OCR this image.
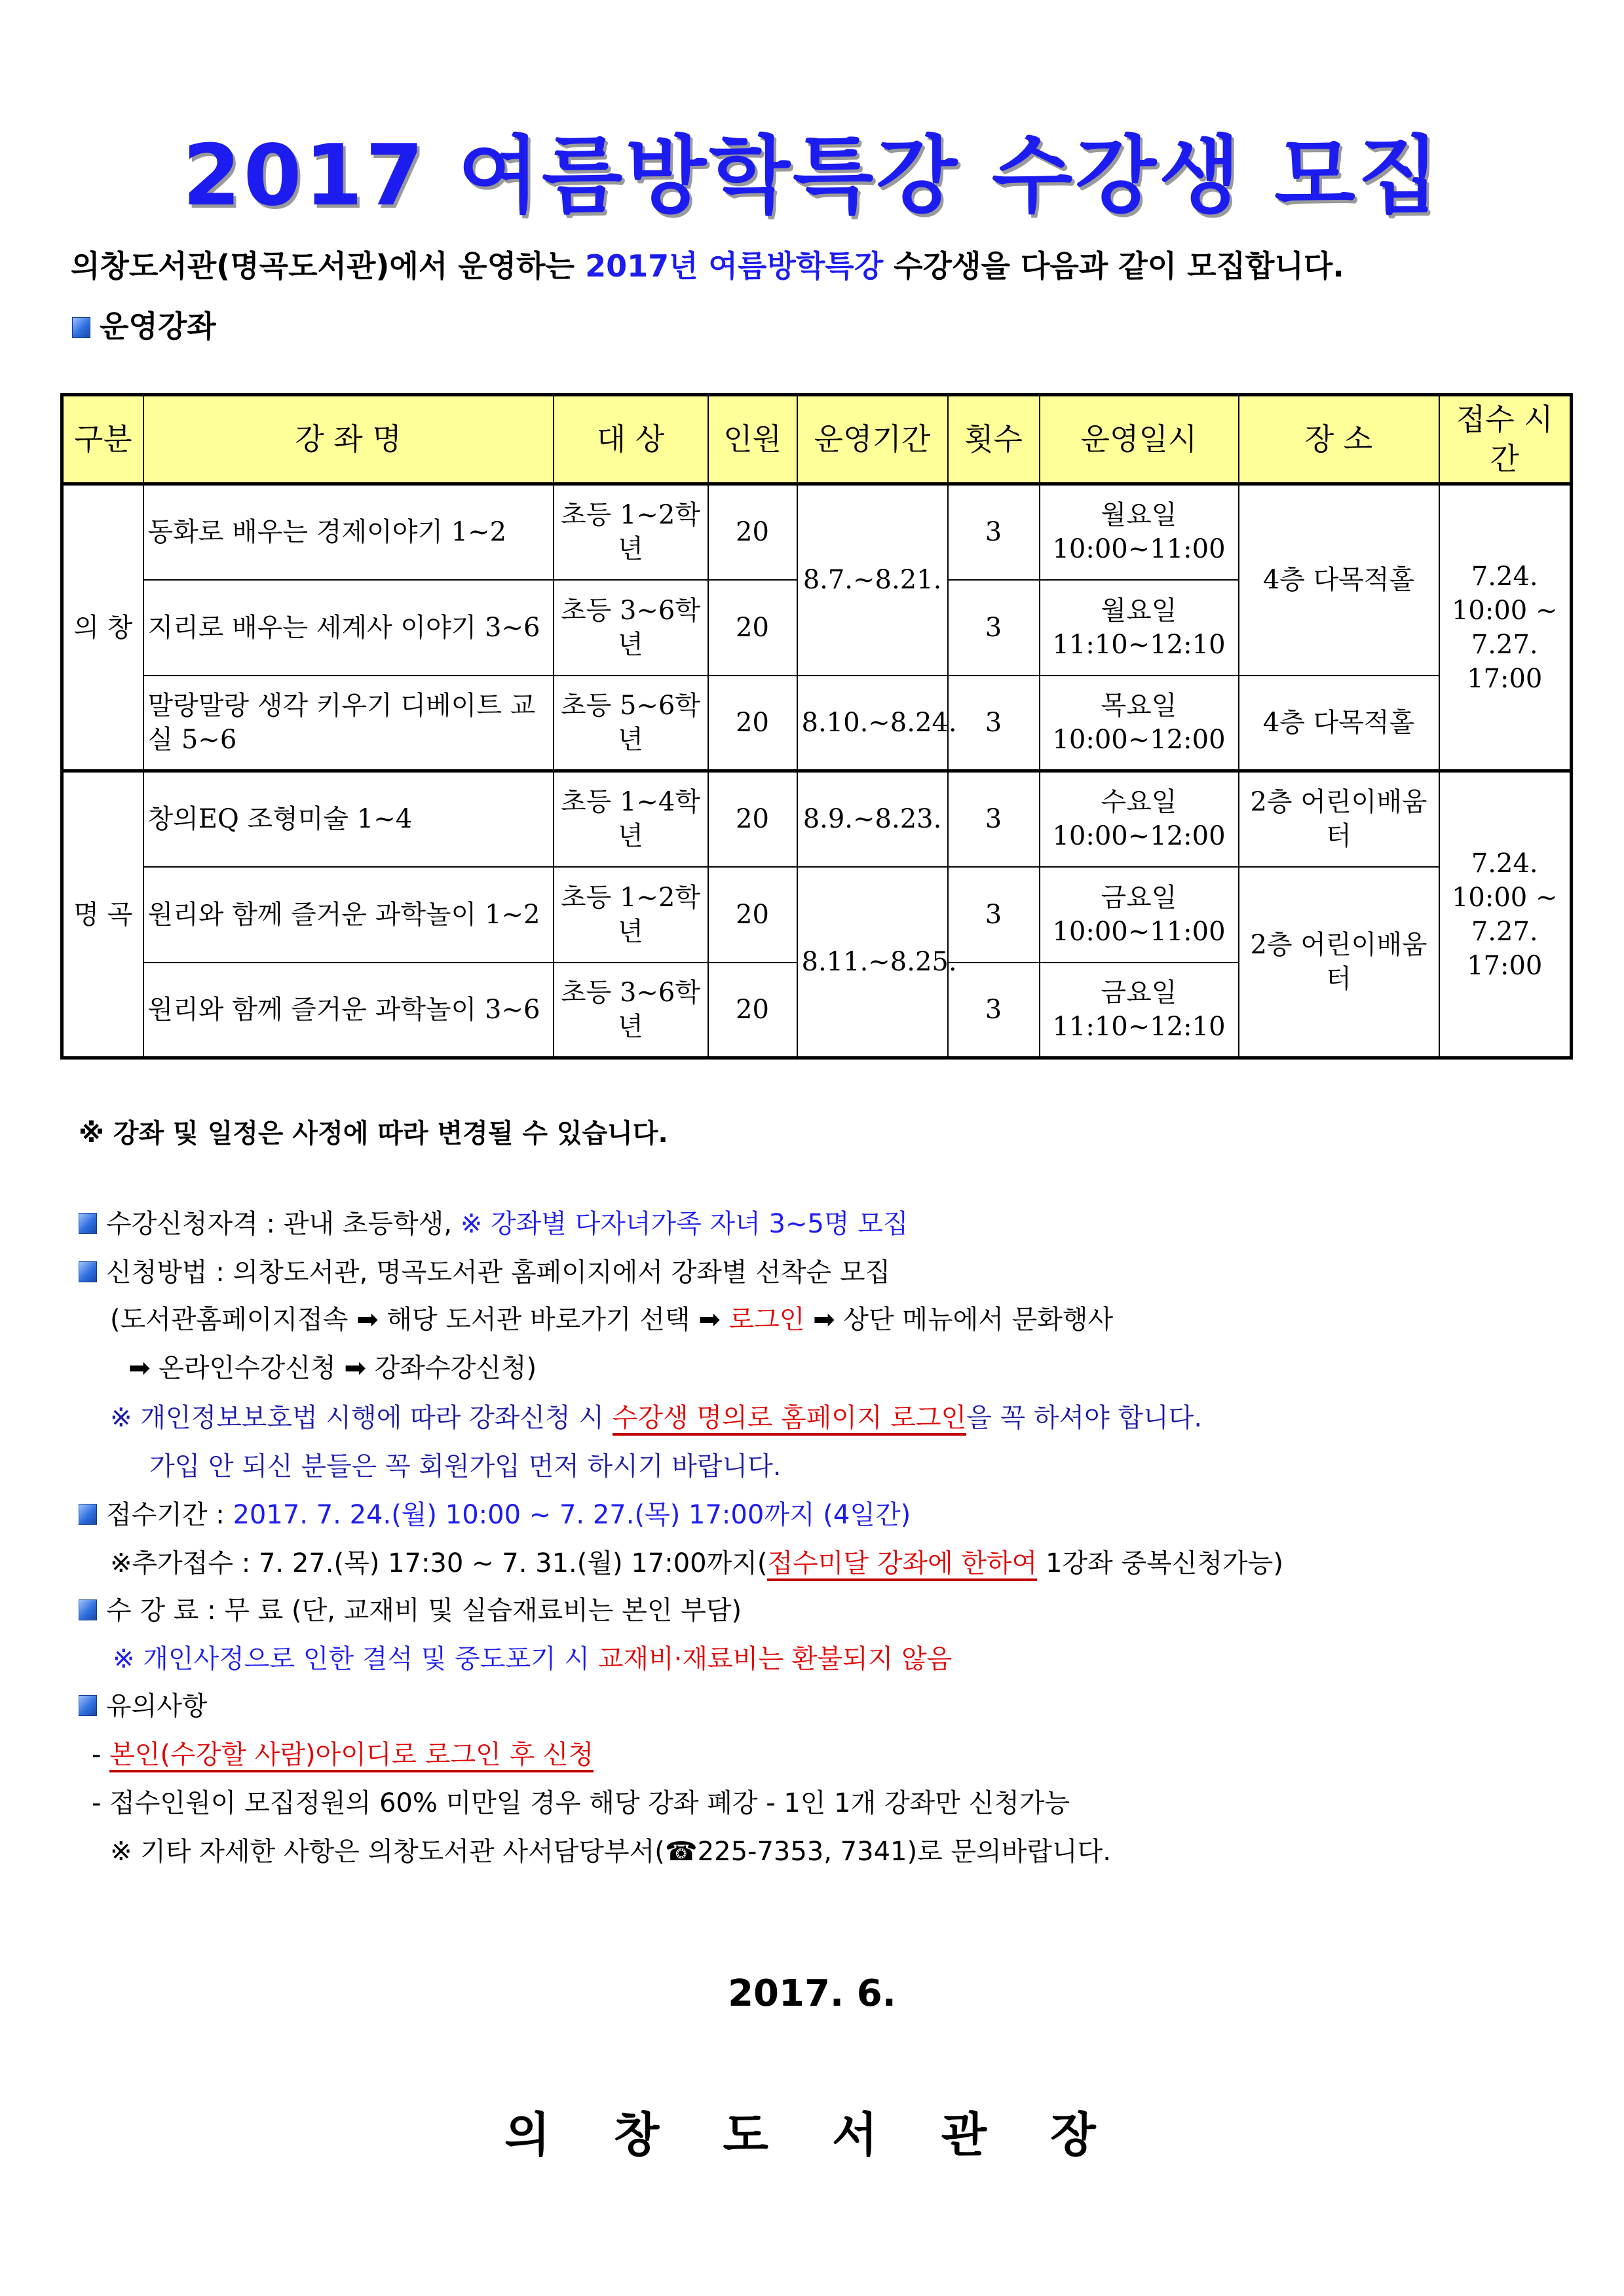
2017 여름방학특강 수강생 모집
의창도서관(명곡도서관)에서 운영하는 2017년 여름방학특강 수강생을 다음과 같이 모집합니다.
운영강좌
구분	강 좌 명	대 상	인원	운영기간	횟수	운영일시	장 소	접수 시간
의 창	동화로 배우는 경제이야기 1~2	초등 1~2학년	20	8.7.~8.21.	3	월요일 10:00~11:00	4층 다목적홀	7.24. 10:00 ~ 7.27. 17:00
	지리로 배우는 세계사 이야기 3~6	초등 3~6학년	20		3	월요일 11:10~12:10		
	말랑말랑 생각 키우기 디베이트 교실 5~6	초등 5~6학년	20	8.10.~8.24.	3	목요일 10:00~12:00	4층 다목적홀	
명 곡	창의EQ 조형미술 1~4	초등 1~4학년	20	8.9.~8.23.	3	수요일 10:00~12:00	2층 어린이배움터	7.24. 10:00 ~ 7.27. 17:00
	원리와 함께 즐거운 과학놀이 1~2	초등 1~2학년	20	8.11.~8.25.	3	금요일 10:00~11:00	2층 어린이배움터	
	원리와 함께 즐거운 과학놀이 3~6	초등 3~6학년	20		3	금요일 11:10~12:10		
※ 강좌 및 일정은 사정에 따라 변경될 수 있습니다.
수강신청자격 : 관내 초등학생, ※ 강좌별 다자녀가족 자녀 3~5명 모집
신청방법 : 의창도서관, 명곡도서관 홈페이지에서 강좌별 선착순 모집
(도서관홈페이지접속 ➡ 해당 도서관 바로가기 선택 ➡ 로그인 ➡ 상단 메뉴에서 문화행사
➡ 온라인수강신청 ➡ 강좌수강신청)
※ 개인정보보호법 시행에 따라 강좌신청 시 수강생 명의로 홈페이지 로그인을 꼭 하셔야 합니다.
가입 안 되신 분들은 꼭 회원가입 먼저 하시기 바랍니다.
접수기간 : 2017. 7. 24.(월) 10:00 ~ 7. 27.(목) 17:00까지 (4일간)
※추가접수 : 7. 27.(목) 17:30 ~ 7. 31.(월) 17:00까지(접수미달 강좌에 한하여 1강좌 중복신청가능)
수 강 료 : 무 료 (단, 교재비 및 실습재료비는 본인 부담)
※ 개인사정으로 인한 결석 및 중도포기 시 교재비·재료비는 환불되지 않음
유의사항
- 본인(수강할 사람)아이디로 로그인 후 신청
- 접수인원이 모집정원의 60% 미만일 경우 해당 강좌 폐강 - 1인 1개 강좌만 신청가능
※ 기타 자세한 사항은 의창도서관 사서담당부서(☎225-7353, 7341)로 문의바랍니다.
2017. 6.
의 창 도 서 관 장
